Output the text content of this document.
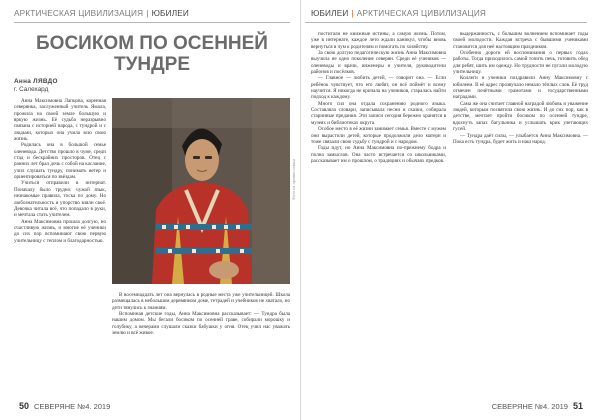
АРКТИЧЕСКАЯ ЦИВИЛИЗАЦИЯ | ЮБИЛЕИ
БОСИКОМ ПО ОСЕННЕЙ ТУНДРЕ
Анна ЛЯВДО
г. Салехард

Анна Максимовна Лапцова, коренная северянка, заслуженный учитель Ямала, прожила на своей земле большую и яркую жизнь. Её судьба неразрывно связана с историей народа, с тундрой и с людьми, которых она учила всю свою жизнь.

Родилась она в большой семье оленевода. Детство прошло в чуме, среди стад и бескрайних просторов. Отец с ранних лет брал дочь с собой на каслание, учил слушать тундру, понимать ветер и ориентироваться по звёздам.

Учиться отправили в интернат. Поначалу было трудно: чужой язык, незнакомые правила, тоска по дому. Но любознательность и упорство взяли своё. Девочка читала всё, что попадало в руки, и мечтала стать учителем.

Анна Максимовна прошла долгую, но счастливую жизнь, и многие её ученики до сих пор вспоминают свою первую учительницу с теплом и благодарностью.

Фото из архива семьи

В восемнадцать лет она вернулась в родные места уже учительницей. Школа размещалась в небольшом деревянном доме, тетрадей и учебников не хватало, но дети тянулись к знаниям.

Вспоминая детские годы, Анна Максимовна рассказывает: — Тундра была нашим домом. Мы бегали босиком по осенней траве, собирали морошку и голубику, а вечерами слушали сказки бабушки у огня. Отец учил нас уважать землю и всё живое.

50 СЕВЕРЯНЕ №4. 2019
ЮБИЛЕИ | АРКТИЧЕСКАЯ ЦИВИЛИЗАЦИЯ

постигали не книжные истины, а самую жизнь. Потом, уже в интернате, каждое лето ждали каникул, чтобы вновь вернуться в чум к родителям и помогать по хозяйству.

За свою долгую педагогическую жизнь Анна Максимовна выучила не одно поколение северян. Среди её учеников — оленеводы и врачи, инженеры и учителя, руководители районов и посёлков.

— Главное — любить детей, — говорит она. — Если ребёнок чувствует, что его любят, он всё поймёт и всему научится. Я никогда не кричала на учеников, старалась найти подход к каждому.

Много сил она отдала сохранению родного языка. Составляла словари, записывала песни и сказки, собирала старинные предания. Эти записи сегодня бережно хранятся в музеях и библиотеках округа.

Особое место в её жизни занимает семья. Вместе с мужем они вырастили детей, которые продолжили дело матери и тоже связали свою судьбу с тундрой и с народом.

Годы идут, но Анна Максимовна по-прежнему бодра и полна замыслов. Она часто встречается со школьниками, рассказывает им о прошлом, о традициях и обычаях предков.

выдержанность, с большим волнением вспоминает годы своей молодости. Каждая встреча с бывшими учениками становится для неё настоящим праздником.

Особенно дороги ей воспоминания о первых годах работы. Тогда приходилось самой топить печь, готовить обед для ребят, шить им одежду. Но трудности не пугали молодую учительницу.

Коллеги и ученики поздравили Анну Максимовну с юбилеем. В её адрес прозвучало немало тёплых слов. Её труд отмечен почётными грамотами и государственными наградами.

Сама же она считает главной наградой любовь и уважение людей, которым посвятила свою жизнь. И до сих пор, как в детстве, мечтает пройти босиком по осенней тундре, вдохнуть запах багульника и услышать крик улетающих гусей.

— Тундра даёт силы, — улыбается Анна Максимовна. — Пока есть тундра, будет жить и наш народ.

СЕВЕРЯНЕ №4. 2019 51
